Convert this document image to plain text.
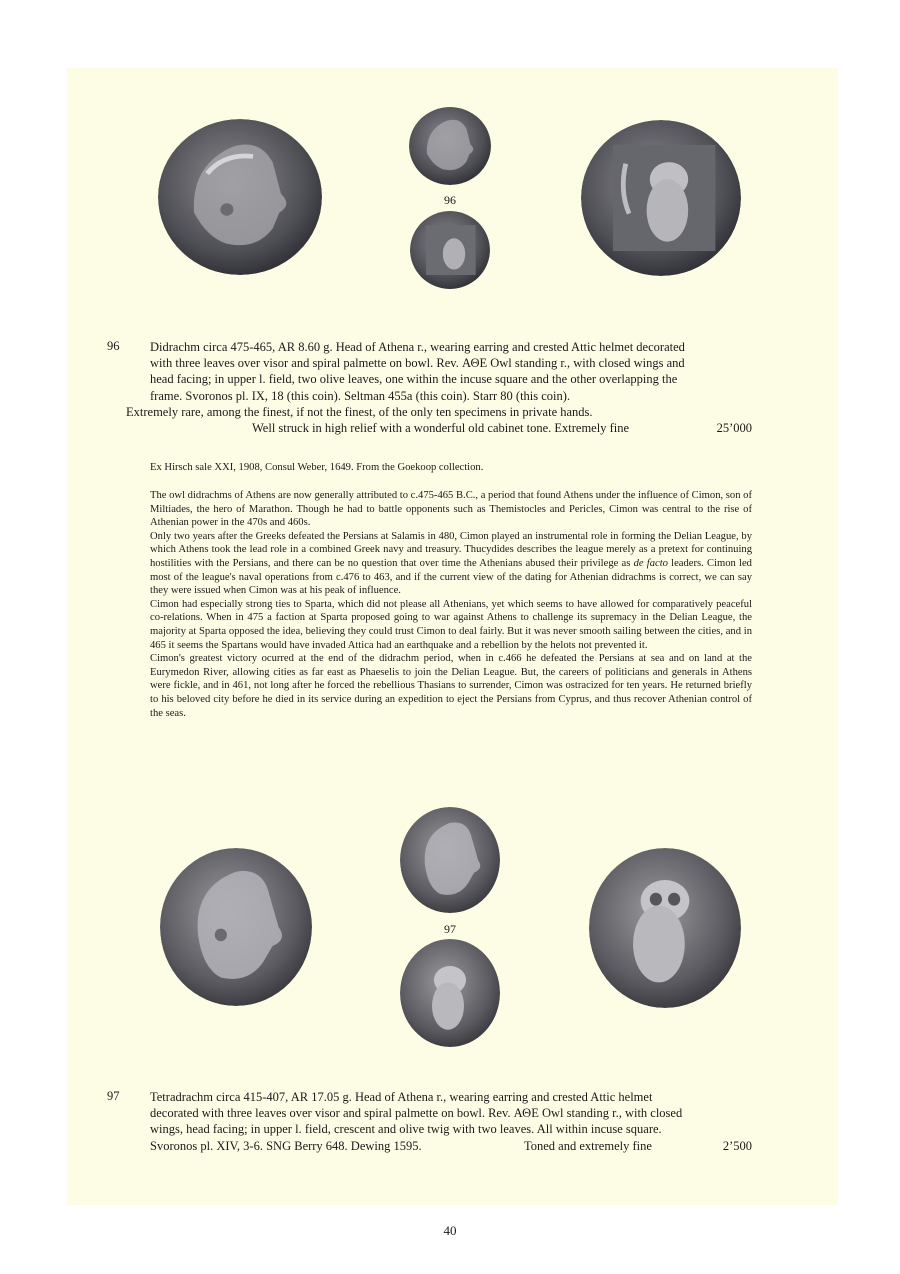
96
96 Didrachm circa 475-465, AR 8.60 g. Head of Athena r., wearing earring and crested Attic helmet decorated
with three leaves over visor and spiral palmette on bowl. Rev. ΑΘΕ Owl standing r., with closed wings and
head facing; in upper l. field, two olive leaves, one within the incuse square and the other overlapping the
frame. Svoronos pl. IX, 18 (this coin). Seltman 455a (this coin). Starr 80 (this coin).
Extremely rare, among the finest, if not the finest, of the only ten specimens in private hands.
Well struck in high relief with a wonderful old cabinet tone. Extremely fine	25’000
Ex Hirsch sale XXI, 1908, Consul Weber, 1649. From the Goekoop collection.

The owl didrachms of Athens are now generally attributed to c.475-465 B.C., a period that found Athens under the influence of Cimon, son of Miltiades, the hero of Marathon. Though he had to battle opponents such as Themistocles and Pericles, Cimon was central to the rise of Athenian power in the 470s and 460s.

Only two years after the Greeks defeated the Persians at Salamis in 480, Cimon played an instrumental role in forming the Delian League, by which Athens took the lead role in a combined Greek navy and treasury. Thucydides describes the league merely as a pretext for continuing hostilities with the Persians, and there can be no question that over time the Athenians abused their privilege as de facto leaders. Cimon led most of the league's naval operations from c.476 to 463, and if the current view of the dating for Athenian didrachms is correct, we can say they were issued when Cimon was at his peak of influence.

Cimon had especially strong ties to Sparta, which did not please all Athenians, yet which seems to have allowed for comparatively peaceful co-relations. When in 475 a faction at Sparta proposed going to war against Athens to challenge its supremacy in the Delian League, the majority at Sparta opposed the idea, believing they could trust Cimon to deal fairly. But it was never smooth sailing between the cities, and in 465 it seems the Spartans would have invaded Attica had an earthquake and a rebellion by the helots not prevented it.

Cimon's greatest victory ocurred at the end of the didrachm period, when in c.466 he defeated the Persians at sea and on land at the Eurymedon River, allowing cities as far east as Phaeselis to join the Delian League. But, the careers of politicians and generals in Athens were fickle, and in 461, not long after he forced the rebellious Thasians to surrender, Cimon was ostracized for ten years. He returned briefly to his beloved city before he died in its service during an expedition to eject the Persians from Cyprus, and thus recover Athenian control of the seas.

97
97 Tetradrachm circa 415-407, AR 17.05 g. Head of Athena r., wearing earring and crested Attic helmet
decorated with three leaves over visor and spiral palmette on bowl. Rev. ΑΘΕ Owl standing r., with closed
wings, head facing; in upper l. field, crescent and olive twig with two leaves. All within incuse square.
Svoronos pl. XIV, 3-6. SNG Berry 648. Dewing 1595.	Toned and extremely fine	2’500
40
